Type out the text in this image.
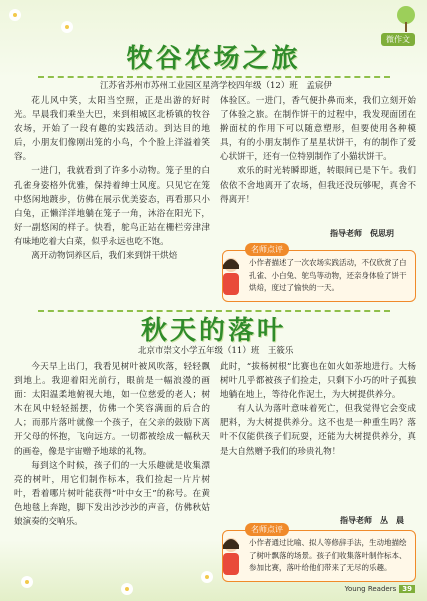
微作文
牧谷农场之旅
江苏省苏州市苏州工业园区星湾学校四年级（12）班　孟宸伊

花儿风中笑，太阳当空照，正是出游的好时光。早晨我们乘坐大巴，来到相城区北桥镇的牧谷农场，开始了一段有趣的实践活动。到达目的地后，小朋友们像刚出笼的小鸟，个个脸上洋溢着笑容。

一进门，我就看到了许多小动物。笼子里的白孔雀身姿格外优雅，保持着绅士风度。只见它在笼中悠闲地踱步，仿佛在展示优美姿态，再看那只小白兔，正懒洋洋地躺在笼子一角，沐浴在阳光下，好一副悠闲的样子。快看，鸵鸟正站在栅栏旁津津有味地吃着大白菜，似乎永远也吃不饱。

离开动物饲养区后，我们来到饼干烘焙

体验区。一进门，香气便扑鼻而来，我们立刻开始了体验之旅。在制作饼干的过程中，我发现面团在擀面杖的作用下可以随意塑形，但要使用各种模具，有的小朋友制作了星星状饼干，有的制作了爱心状饼干，还有一位特别制作了小猫状饼干。

欢乐的时光转瞬即逝，转眼间已是下午。我们依依不舍地离开了农场，但我还没玩够呢，真舍不得离开！

指导老师　倪思玥
名师点评

小作者描述了一次农场实践活动，不仅欣赏了白孔雀、小白兔、鸵鸟等动物，还亲身体验了饼干烘焙，度过了愉快的一天。

秋天的落叶
北京市崇文小学五年级（11）班　王筱乐

今天早上出门，我看见树叶被风吹落，轻轻飘到地上。我迎着阳光前行，眼前是一幅浪漫的画面：太阳温柔地俯视大地，如一位慈爱的老人；树木在风中轻轻摇摆，仿佛一个笑容满面的后合的人；而那片落叶就像一个孩子，在父亲的鼓励下离开父母的怀抱，飞向远方。一切都被绘成一幅秋天的画卷，像是宇宙赠予地球的礼物。

每到这个时候，孩子们的一大乐趣就是收集漂亮的树叶，用它们制作标本，我们捡起一片片树叶，看着哪片树叶能获得“叶中女王”的称号。在黄色地毯上奔跑，脚下发出沙沙沙的声音，仿佛秋姑娘演奏的交响乐。

此时，“拔杨树根”比赛也在如火如荼地进行。大杨树叶几乎都被孩子们捡走，只剩下小巧的叶子孤独地躺在地上，等待化作泥土，为大树提供养分。

有人认为落叶意味着死亡，但我觉得它会变成肥料，为大树提供养分。这不也是一种重生吗？落叶不仅能供孩子们玩耍，还能为大树提供养分，真是大自然赠予我们的珍贵礼物！

指导老师　丛　晨
名师点评

小作者通过比喻、拟人等修辞手法，生动地描绘了树叶飘落的场景。孩子们收集落叶制作标本、参加比赛，落叶给他们带来了无尽的乐趣。

Young Readers 39
